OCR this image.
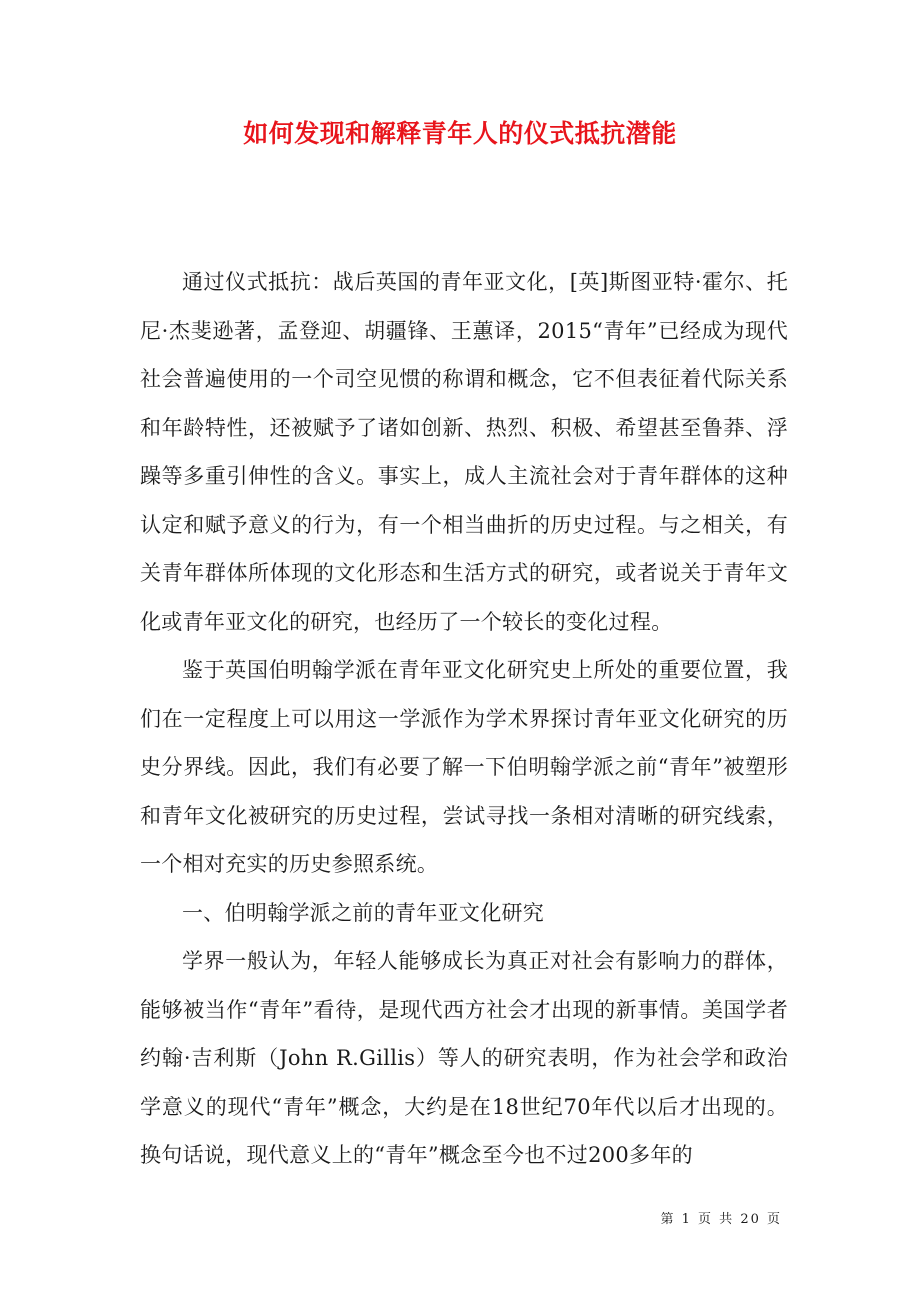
如何发现和解释青年人的仪式抵抗潜能

通过仪式抵抗：战后英国的青年亚文化，[英]斯图亚特·霍尔、托尼·杰斐逊著，孟登迎、胡疆锋、王蕙译，2015“青年”已经成为现代社会普遍使用的一个司空见惯的称谓和概念，它不但表征着代际关系和年龄特性，还被赋予了诸如创新、热烈、积极、希望甚至鲁莽、浮躁等多重引伸性的含义。事实上，成人主流社会对于青年群体的这种认定和赋予意义的行为，有一个相当曲折的历史过程。与之相关，有关青年群体所体现的文化形态和生活方式的研究，或者说关于青年文化或青年亚文化的研究，也经历了一个较长的变化过程。

鉴于英国伯明翰学派在青年亚文化研究史上所处的重要位置，我们在一定程度上可以用这一学派作为学术界探讨青年亚文化研究的历史分界线。因此，我们有必要了解一下伯明翰学派之前“青年”被塑形和青年文化被研究的历史过程，尝试寻找一条相对清晰的研究线索，一个相对充实的历史参照系统。

一、伯明翰学派之前的青年亚文化研究

学界一般认为，年轻人能够成长为真正对社会有影响力的群体，能够被当作“青年”看待，是现代西方社会才出现的新事情。美国学者约翰·吉利斯（John R.Gillis）等人的研究表明，作为社会学和政治学意义的现代“青年”概念，大约是在18世纪70年代以后才出现的。换句话说，现代意义上的“青年”概念至今也不过200多年的

第 1 页 共 20 页
